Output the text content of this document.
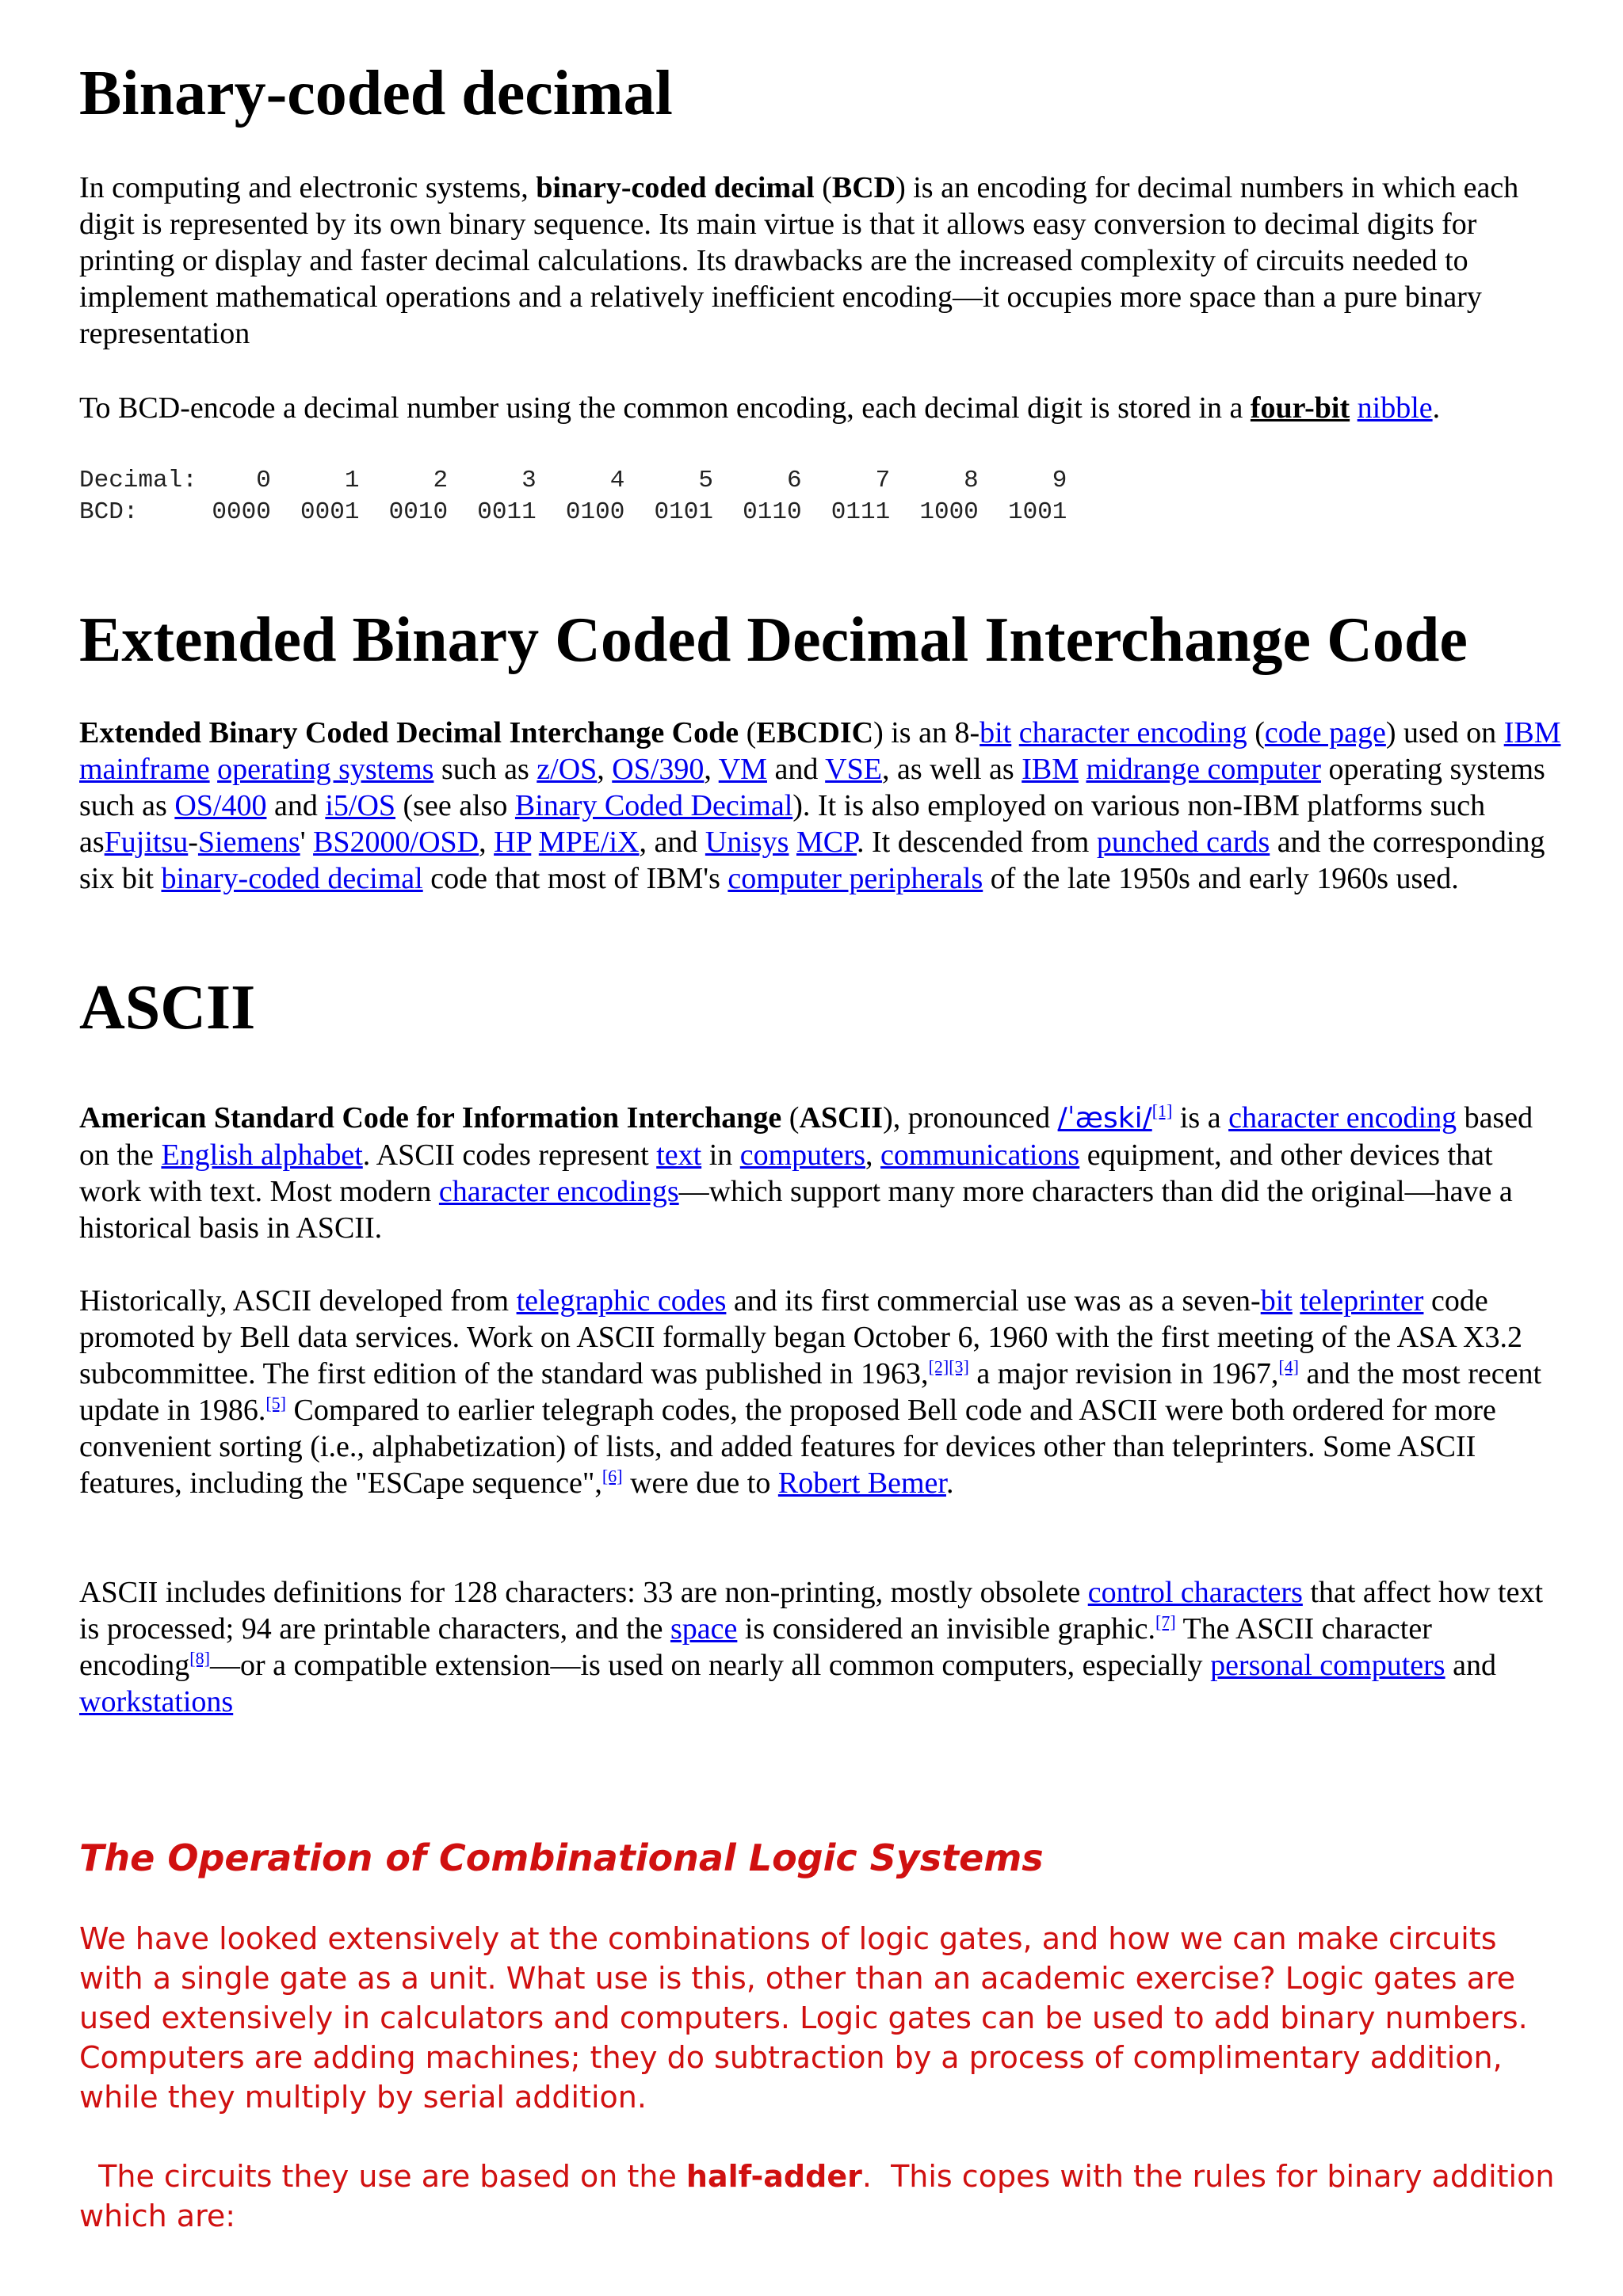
Binary-coded decimal

In computing and electronic systems, binary-coded decimal (BCD) is an encoding for decimal numbers in which each digit is represented by its own binary sequence. Its main virtue is that it allows easy conversion to decimal digits for printing or display and faster decimal calculations. Its drawbacks are the increased complexity of circuits needed to implement mathematical operations and a relatively inefficient encoding—it occupies more space than a pure binary representation

To BCD-encode a decimal number using the common encoding, each decimal digit is stored in a four-bit nibble.

Decimal:    0     1     2     3     4     5     6     7     8     9
BCD:     0000  0001  0010  0011  0100  0101  0110  0111  1000  1001
Extended Binary Coded Decimal Interchange Code

Extended Binary Coded Decimal Interchange Code (EBCDIC) is an 8-bit character encoding (code page) used on IBM mainframe operating systems such as z/OS, OS/390, VM and VSE, as well as IBM midrange computer operating systems such as OS/400 and i5/OS (see also Binary Coded Decimal). It is also employed on various non-IBM platforms such asFujitsu-Siemens' BS2000/OSD, HP MPE/iX, and Unisys MCP. It descended from punched cards and the corresponding six bit binary-coded decimal code that most of IBM's computer peripherals of the late 1950s and early 1960s used.

ASCII

American Standard Code for Information Interchange (ASCII), pronounced /ˈæski/[1] is a character encoding based on the English alphabet. ASCII codes represent text in computers, communications equipment, and other devices that work with text. Most modern character encodings—which support many more characters than did the original—have a historical basis in ASCII.

Historically, ASCII developed from telegraphic codes and its first commercial use was as a seven-bit teleprinter code promoted by Bell data services. Work on ASCII formally began October 6, 1960 with the first meeting of the ASA X3.2 subcommittee. The first edition of the standard was published in 1963,[2][3] a major revision in 1967,[4] and the most recent update in 1986.[5] Compared to earlier telegraph codes, the proposed Bell code and ASCII were both ordered for more convenient sorting (i.e., alphabetization) of lists, and added features for devices other than teleprinters. Some ASCII features, including the "ESCape sequence",[6] were due to Robert Bemer.

ASCII includes definitions for 128 characters: 33 are non-printing, mostly obsolete control characters that affect how text is processed; 94 are printable characters, and the space is considered an invisible graphic.[7] The ASCII character encoding[8]—or a compatible extension—is used on nearly all common computers, especially personal computers and workstations

The Operation of Combinational Logic Systems

We have looked extensively at the combinations of logic gates, and how we can make circuits with a single gate as a unit. What use is this, other than an academic exercise? Logic gates are used extensively in calculators and computers. Logic gates can be used to add binary numbers. Computers are adding machines; they do subtraction by a process of complimentary addition, while they multiply by serial addition.

The circuits they use are based on the half-adder.  This copes with the rules for binary addition which are:
